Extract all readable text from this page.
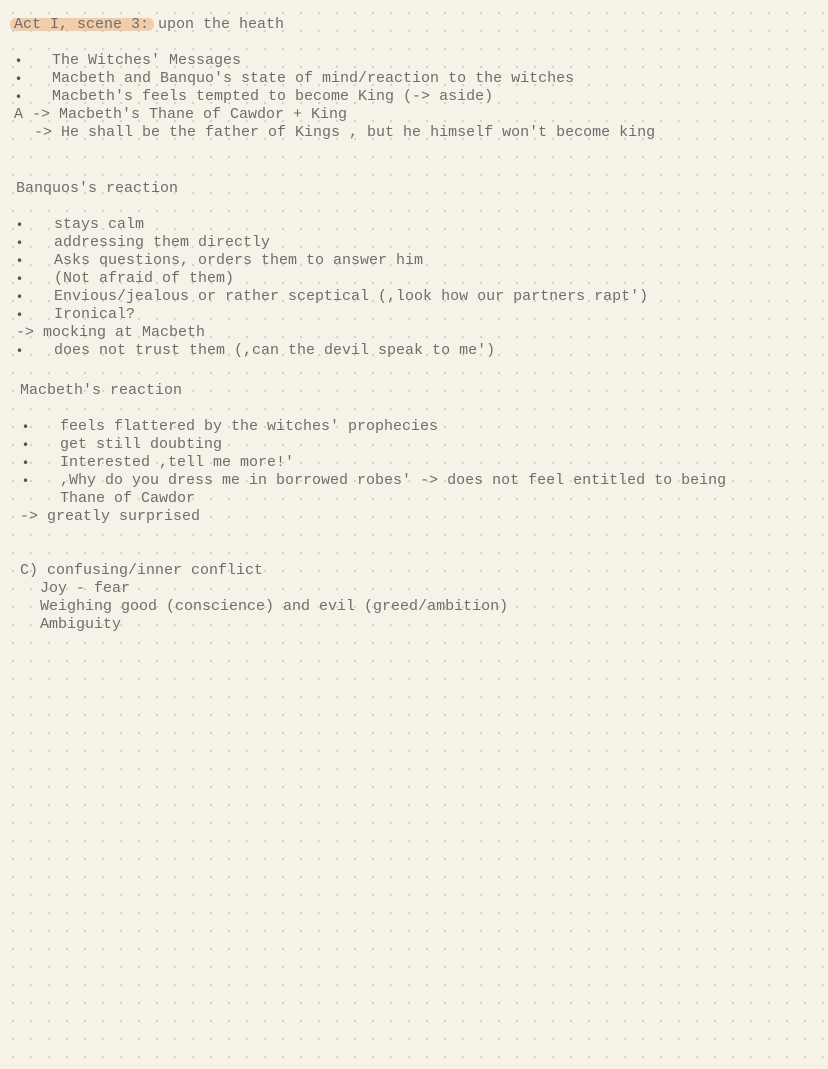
Act I, scene 3: upon the heath
• The Witches' Messages
• Macbeth and Banquo's state of mind/reaction to the witches
• Macbeth's feels tempted to become King (-> aside)
A -> Macbeth's Thane of Cawdor + King
-> He shall be the father of Kings , but he himself won't become king
Banquos's reaction
• stays calm
• addressing them directly
• Asks questions, orders them to answer him
• (Not afraid of them)
• Envious/jealous or rather sceptical (,look how our partners rapt')
• Ironical?
-> mocking at Macbeth
• does not trust them (,can the devil speak to me')
Macbeth's reaction
• feels flattered by the witches' prophecies
• get still doubting
• Interested ,tell me more!'
• ,Why do you dress me in borrowed robes' -> does not feel entitled to being
Thane of Cawdor
-> greatly surprised
C) confusing/inner conflict
Joy - fear
Weighing good (conscience) and evil (greed/ambition)
Ambiguity
